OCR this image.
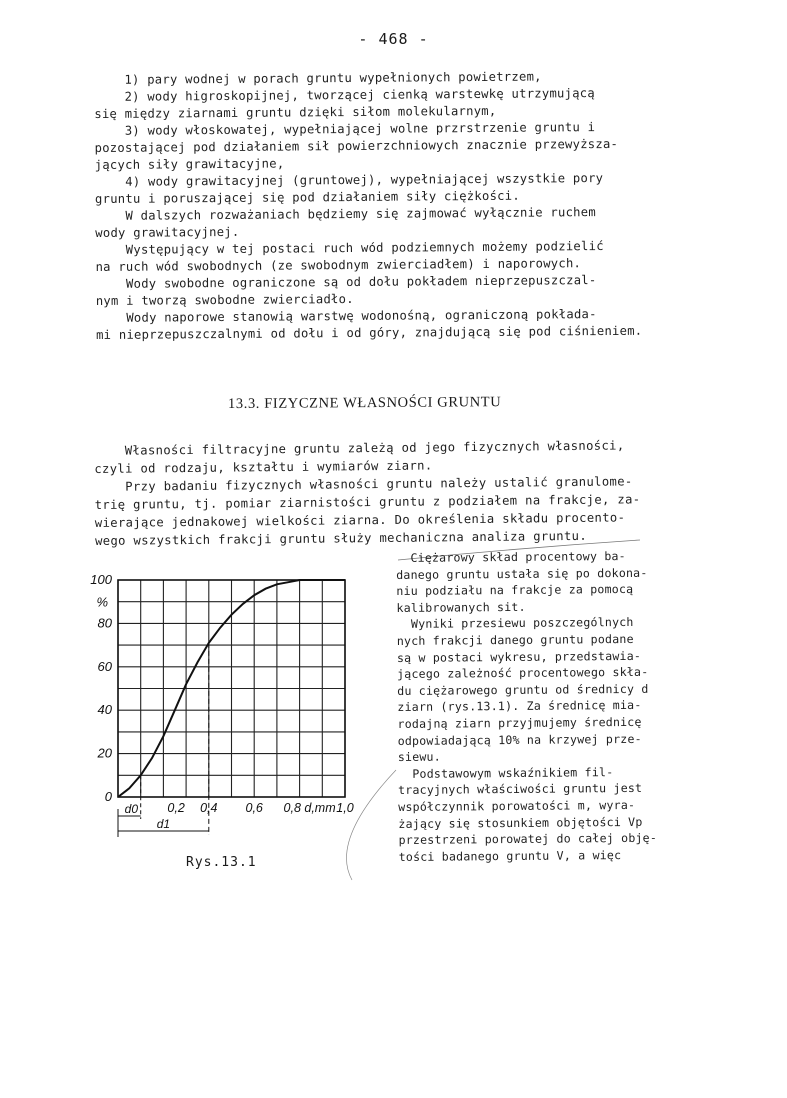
- 468 -
1) pary wodnej w porach gruntu wypełnionych powietrzem,
2) wody higroskopijnej, tworzącej cienką warstewkę utrzymującą
się między ziarnami gruntu dzięki siłom molekularnym,
3) wody włoskowatej, wypełniającej wolne przrstrzenie gruntu i
pozostającej pod działaniem sił powierzchniowych znacznie przewyższa-
jących siły grawitacyjne,
4) wody grawitacyjnej (gruntowej), wypełniającej wszystkie pory
gruntu i poruszającej się pod działaniem siły ciężkości.
W dalszych rozważaniach będziemy się zajmować wyłącznie ruchem
wody grawitacyjnej.
Występujący w tej postaci ruch wód podziemnych możemy podzielić
na ruch wód swobodnych (ze swobodnym zwierciadłem) i naporowych.
Wody swobodne ograniczone są od dołu pokładem nieprzepuszczal-
nym i tworzą swobodne zwierciadło.
Wody naporowe stanowią warstwę wodonośną, ograniczoną pokłada-
mi nieprzepuszczalnymi od dołu i od góry, znajdującą się pod ciśnieniem.
13.3. FIZYCZNE WŁASNOŚCI GRUNTU
Własności filtracyjne gruntu zależą od jego fizycznych własności,
czyli od rodzaju, kształtu i wymiarów ziarn.
Przy badaniu fizycznych własności gruntu należy ustalić granulome-
trię gruntu, tj. pomiar ziarnistości gruntu z podziałem na frakcje, za-
wierające jednakowej wielkości ziarna. Do określenia składu procento-
wego wszystkich frakcji gruntu służy mechaniczna analiza gruntu.
0
20
40
60
80
100
%
0,2 0,4 0,6 0,8 d,mm 1,0
d0
d1
Ciężarowy skład procentowy ba-
danego gruntu ustała się po dokona-
niu podziału na frakcje za pomocą
kalibrowanych sit.
Wyniki przesiewu poszczególnych
nych frakcji danego gruntu podane
są w postaci wykresu, przedstawia-
jącego zależność procentowego skła-
du ciężarowego gruntu od średnicy d
ziarn (rys.13.1). Za średnicę mia-
rodajną ziarn przyjmujemy średnicę
odpowiadającą 10% na krzywej prze-
siewu.
Podstawowym wskaźnikiem fil-
tracyjnych właściwości gruntu jest
współczynnik porowatości m, wyra-
żający się stosunkiem objętości Vp
przestrzeni porowatej do całej obję-
tości badanego gruntu V, a więc
Rys.13.1
